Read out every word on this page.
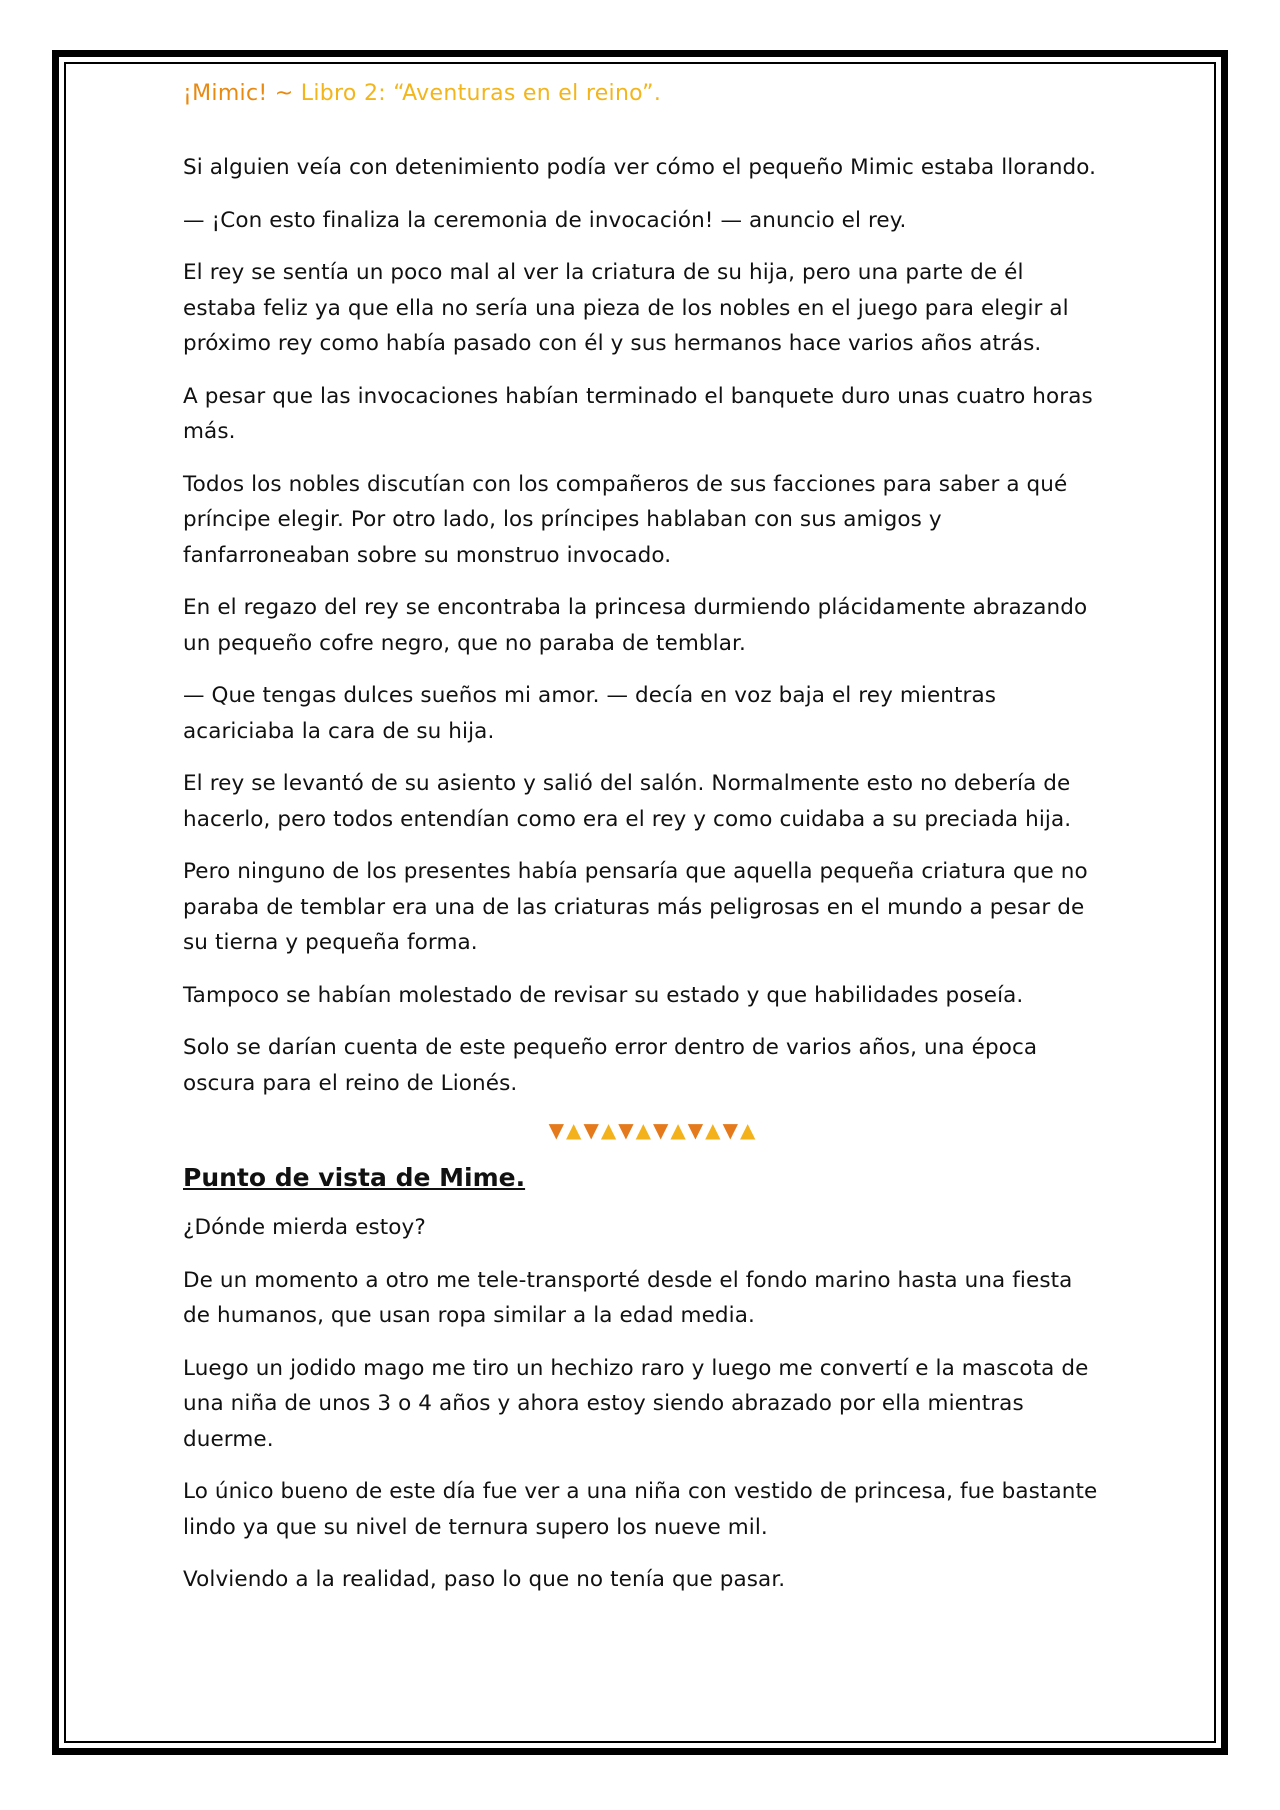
¡Mimic! ~ Libro 2: “Aventuras en el reino”.

Si alguien veía con detenimiento podía ver cómo el pequeño Mimic estaba llorando.

— ¡Con esto finaliza la ceremonia de invocación! — anuncio el rey.

El rey se sentía un poco mal al ver la criatura de su hija, pero una parte de él estaba feliz ya que ella no sería una pieza de los nobles en el juego para elegir al próximo rey como había pasado con él y sus hermanos hace varios años atrás.

A pesar que las invocaciones habían terminado el banquete duro unas cuatro horas más.

Todos los nobles discutían con los compañeros de sus facciones para saber a qué príncipe elegir. Por otro lado, los príncipes hablaban con sus amigos y fanfarroneaban sobre su monstruo invocado.

En el regazo del rey se encontraba la princesa durmiendo plácidamente abrazando un pequeño cofre negro, que no paraba de temblar.

— Que tengas dulces sueños mi amor. — decía en voz baja el rey mientras acariciaba la cara de su hija.

El rey se levantó de su asiento y salió del salón. Normalmente esto no debería de hacerlo, pero todos entendían como era el rey y como cuidaba a su preciada hija.

Pero ninguno de los presentes había pensaría que aquella pequeña criatura que no paraba de temblar era una de las criaturas más peligrosas en el mundo a pesar de su tierna y pequeña forma.

Tampoco se habían molestado de revisar su estado y que habilidades poseía.

Solo se darían cuenta de este pequeño error dentro de varios años, una época oscura para el reino de Lionés.

▼▲▼▲▼▲▼▲▼▲▼▲
Punto de vista de Mime.

¿Dónde mierda estoy?

De un momento a otro me tele-transporté desde el fondo marino hasta una fiesta de humanos, que usan ropa similar a la edad media.

Luego un jodido mago me tiro un hechizo raro y luego me convertí e la mascota de una niña de unos 3 o 4 años y ahora estoy siendo abrazado por ella mientras duerme.

Lo único bueno de este día fue ver a una niña con vestido de princesa, fue bastante lindo ya que su nivel de ternura supero los nueve mil.

Volviendo a la realidad, paso lo que no tenía que pasar.
